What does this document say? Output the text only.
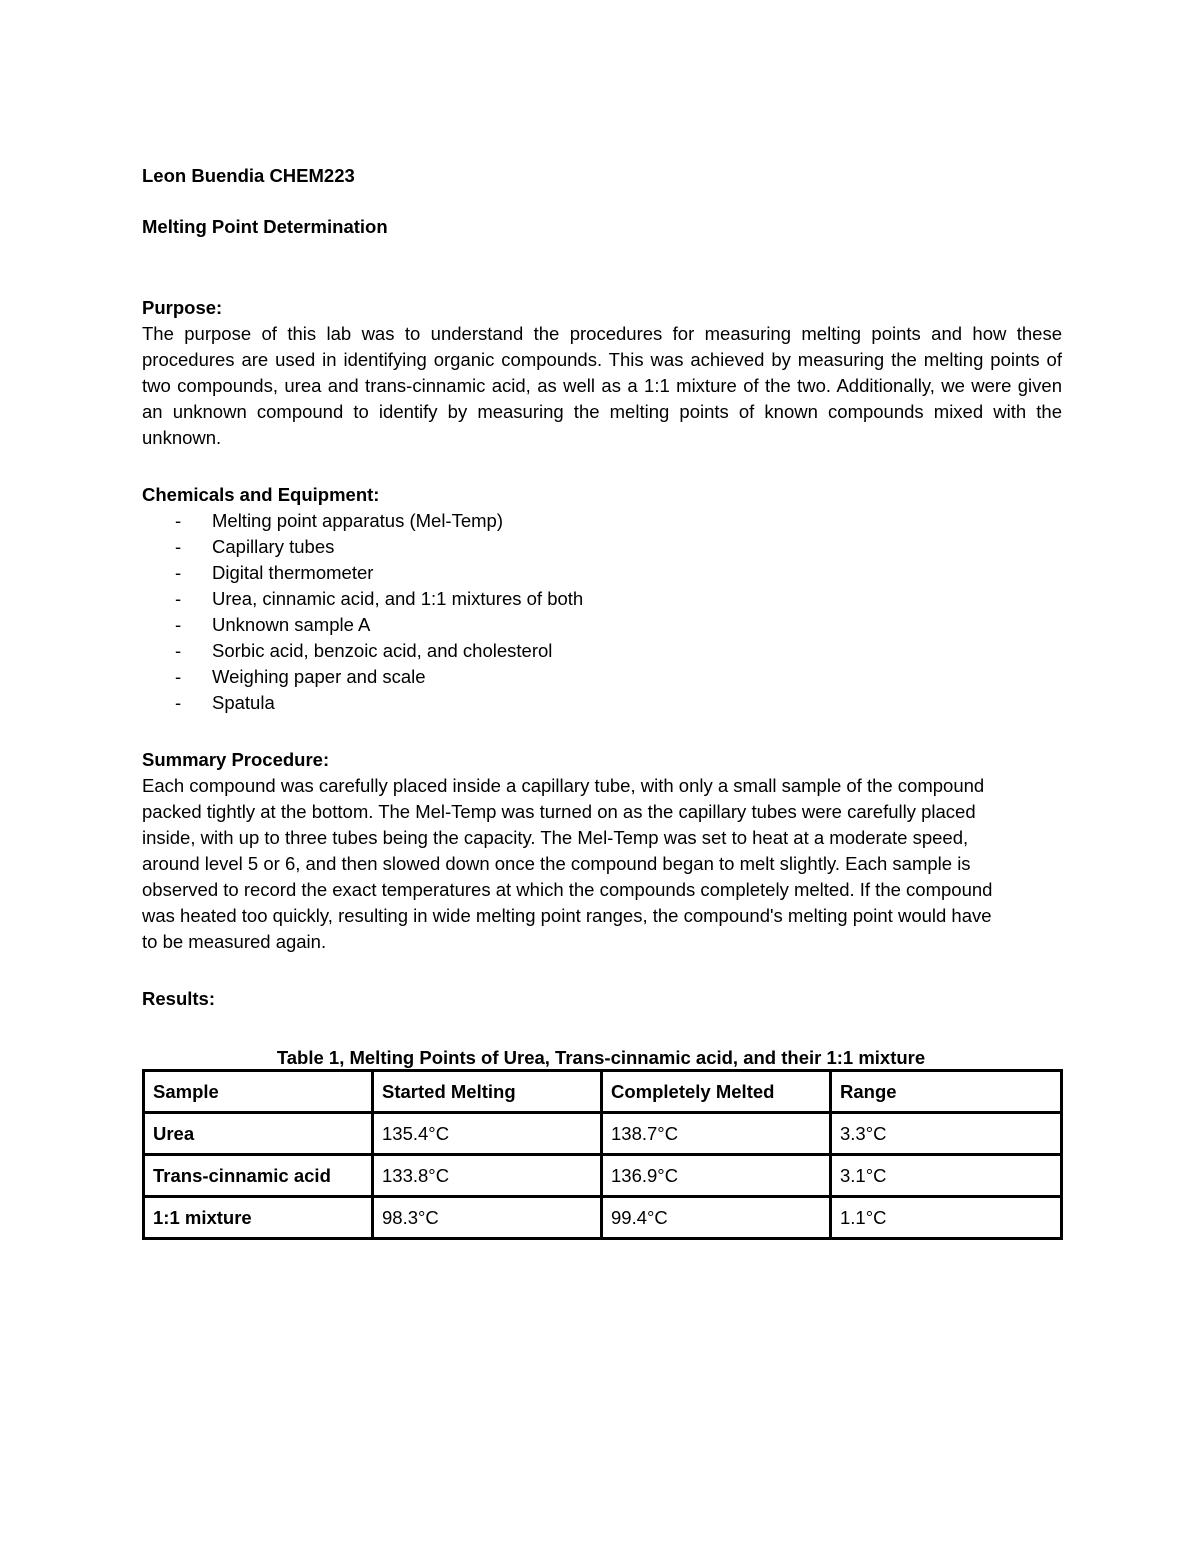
Leon Buendia CHEM223
Melting Point Determination
Purpose:

The purpose of this lab was to understand the procedures for measuring melting points and how these procedures are used in identifying organic compounds. This was achieved by measuring the melting points of two compounds, urea and trans-cinnamic acid, as well as a 1:1 mixture of the two. Additionally, we were given an unknown compound to identify by measuring the melting points of known compounds mixed with the unknown.

Chemicals and Equipment:
- Melting point apparatus (Mel-Temp)
- Capillary tubes
- Digital thermometer
- Urea, cinnamic acid, and 1:1 mixtures of both
- Unknown sample A
- Sorbic acid, benzoic acid, and cholesterol
- Weighing paper and scale
- Spatula
Summary Procedure:
Each compound was carefully placed inside a capillary tube, with only a small sample of the compound
packed tightly at the bottom. The Mel-Temp was turned on as the capillary tubes were carefully placed
inside, with up to three tubes being the capacity. The Mel-Temp was set to heat at a moderate speed,
around level 5 or 6, and then slowed down once the compound began to melt slightly. Each sample is
observed to record the exact temperatures at which the compounds completely melted. If the compound
was heated too quickly, resulting in wide melting point ranges, the compound's melting point would have
to be measured again.
Results:
Table 1, Melting Points of Urea, Trans-cinnamic acid, and their 1:1 mixture
Sample	Started Melting	Completely Melted	Range
Urea	135.4°C	138.7°C	3.3°C
Trans-cinnamic acid	133.8°C	136.9°C	3.1°C
1:1 mixture	98.3°C	99.4°C	1.1°C
